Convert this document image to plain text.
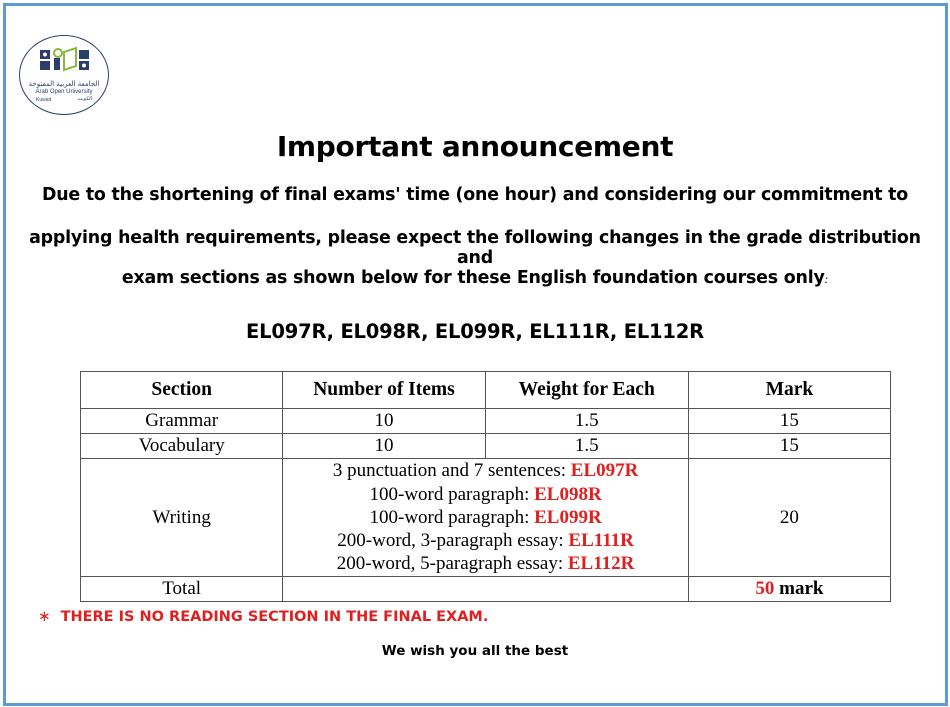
الجامعة العربية المفتوحة
Arab Open University
Kuwait	الكويت
Important announcement
Due to the shortening of final exams' time (one hour) and considering our commitment to
applying health requirements, please expect the following changes in the grade distribution and
exam sections as shown below for these English foundation courses only:
EL097R, EL098R, EL099R, EL111R, EL112R
Section	Number of Items	Weight for Each	Mark
Grammar	10	1.5	15
Vocabulary	10	1.5	15
Writing	3 punctuation and 7 sentences: EL097R
100-word paragraph: EL098R
100-word paragraph: EL099R
200-word, 3-paragraph essay: EL111R
200-word, 5-paragraph essay: EL112R		20
Total			50 mark
∗ THERE IS NO READING SECTION IN THE FINAL EXAM.
We wish you all the best
